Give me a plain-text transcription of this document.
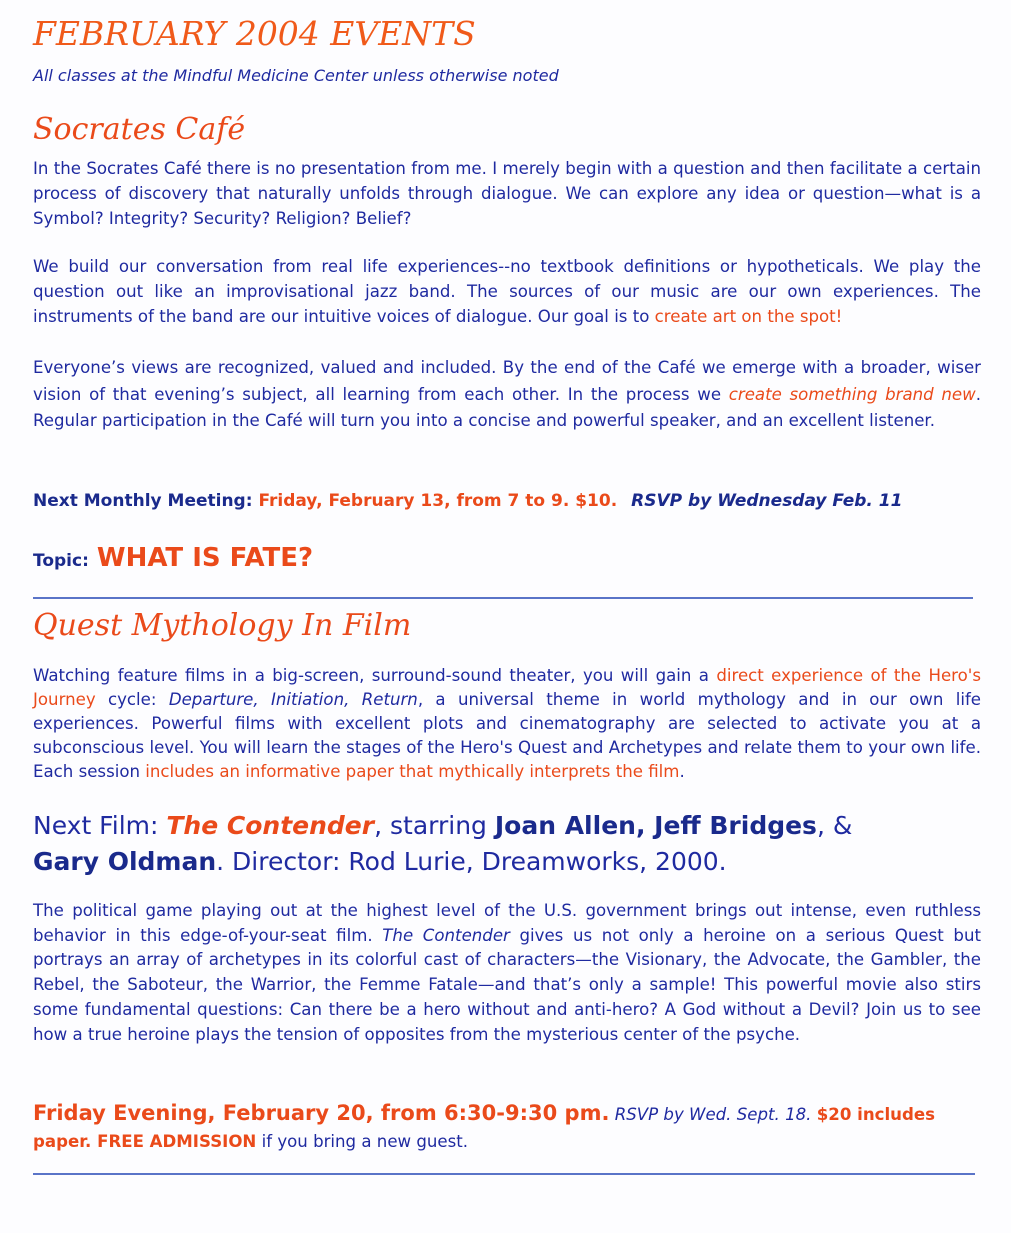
FEBRUARY 2004 EVENTS
All classes at the Mindful Medicine Center unless otherwise noted
Socrates Café
In the Socrates Café there is no presentation from me. I merely begin with a question and then facilitate a certain process of discovery that naturally unfolds through dialogue. We can explore any idea or question—what is a Symbol? Integrity? Security? Religion? Belief?
We build our conversation from real life experiences--no textbook definitions or hypotheticals. We play the question out like an improvisational jazz band. The sources of our music are our own experiences. The instruments of the band are our intuitive voices of dialogue. Our goal is to create art on the spot!
Everyone’s views are recognized, valued and included. By the end of the Café we emerge with a broader, wiser vision of that evening’s subject, all learning from each other. In the process we create something brand new. Regular participation in the Café will turn you into a concise and powerful speaker, and an excellent listener.
Next Monthly Meeting: Friday, February 13, from 7 to 9. $10. RSVP by Wednesday Feb. 11
Topic: WHAT IS FATE?
Quest Mythology In Film
Watching feature films in a big-screen, surround-sound theater, you will gain a direct experience of the Hero's Journey cycle: Departure, Initiation, Return, a universal theme in world mythology and in our own life experiences. Powerful films with excellent plots and cinematography are selected to activate you at a subconscious level. You will learn the stages of the Hero's Quest and Archetypes and relate them to your own life. Each session includes an informative paper that mythically interprets the film.
Next Film: The Contender, starring Joan Allen, Jeff Bridges, &
Gary Oldman. Director: Rod Lurie, Dreamworks, 2000.
The political game playing out at the highest level of the U.S. government brings out intense, even ruthless behavior in this edge-of-your-seat film. The Contender gives us not only a heroine on a serious Quest but portrays an array of archetypes in its colorful cast of characters—the Visionary, the Advocate, the Gambler, the Rebel, the Saboteur, the Warrior, the Femme Fatale—and that’s only a sample! This powerful movie also stirs some fundamental questions: Can there be a hero without and anti-hero? A God without a Devil? Join us to see how a true heroine plays the tension of opposites from the mysterious center of the psyche.
Friday Evening, February 20, from 6:30-9:30 pm. RSVP by Wed. Sept. 18. $20 includes paper. FREE ADMISSION if you bring a new guest.
